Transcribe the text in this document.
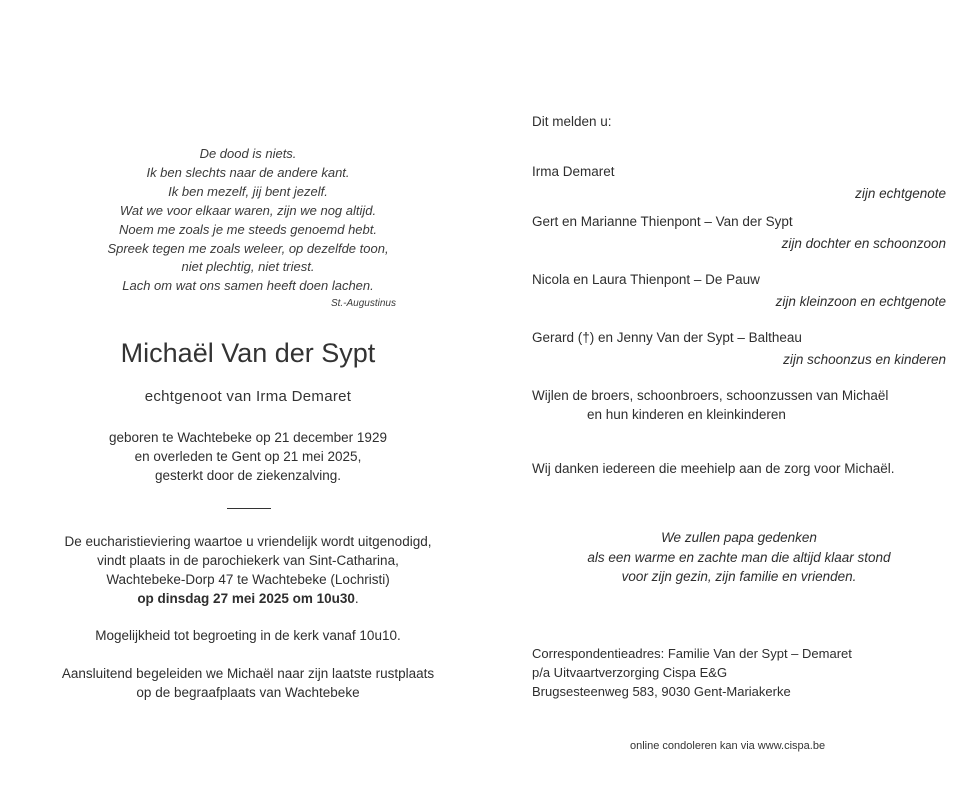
De dood is niets.
Ik ben slechts naar de andere kant.
Ik ben mezelf, jij bent jezelf.
Wat we voor elkaar waren, zijn we nog altijd.
Noem me zoals je me steeds genoemd hebt.
Spreek tegen me zoals weleer, op dezelfde toon,
niet plechtig, niet triest.
Lach om wat ons samen heeft doen lachen.
St.-Augustinus
Michaël Van der Sypt
echtgenoot van Irma Demaret
geboren te Wachtebeke op 21 december 1929
en overleden te Gent op 21 mei 2025,
gesterkt door de ziekenzalving.
De eucharistieviering waartoe u vriendelijk wordt uitgenodigd,
vindt plaats in de parochiekerk van Sint-Catharina,
Wachtebeke-Dorp 47 te Wachtebeke (Lochristi)
op dinsdag 27 mei 2025 om 10u30.
Mogelijkheid tot begroeting in de kerk vanaf 10u10.
Aansluitend begeleiden we Michaël naar zijn laatste rustplaats
op de begraafplaats van Wachtebeke
Dit melden u:
Irma Demaret
zijn echtgenote
Gert en Marianne Thienpont – Van der Sypt
zijn dochter en schoonzoon
Nicola en Laura Thienpont – De Pauw
zijn kleinzoon en echtgenote
Gerard (†) en Jenny Van der Sypt – Baltheau
zijn schoonzus en kinderen
Wijlen de broers, schoonbroers, schoonzussen van Michaël
en hun kinderen en kleinkinderen
Wij danken iedereen die meehielp aan de zorg voor Michaël.
We zullen papa gedenken
als een warme en zachte man die altijd klaar stond
voor zijn gezin, zijn familie en vrienden.
Correspondentieadres: Familie Van der Sypt – Demaret
p/a Uitvaartverzorging Cispa E&G
Brugsesteenweg 583, 9030 Gent-Mariakerke
online condoleren kan via www.cispa.be
